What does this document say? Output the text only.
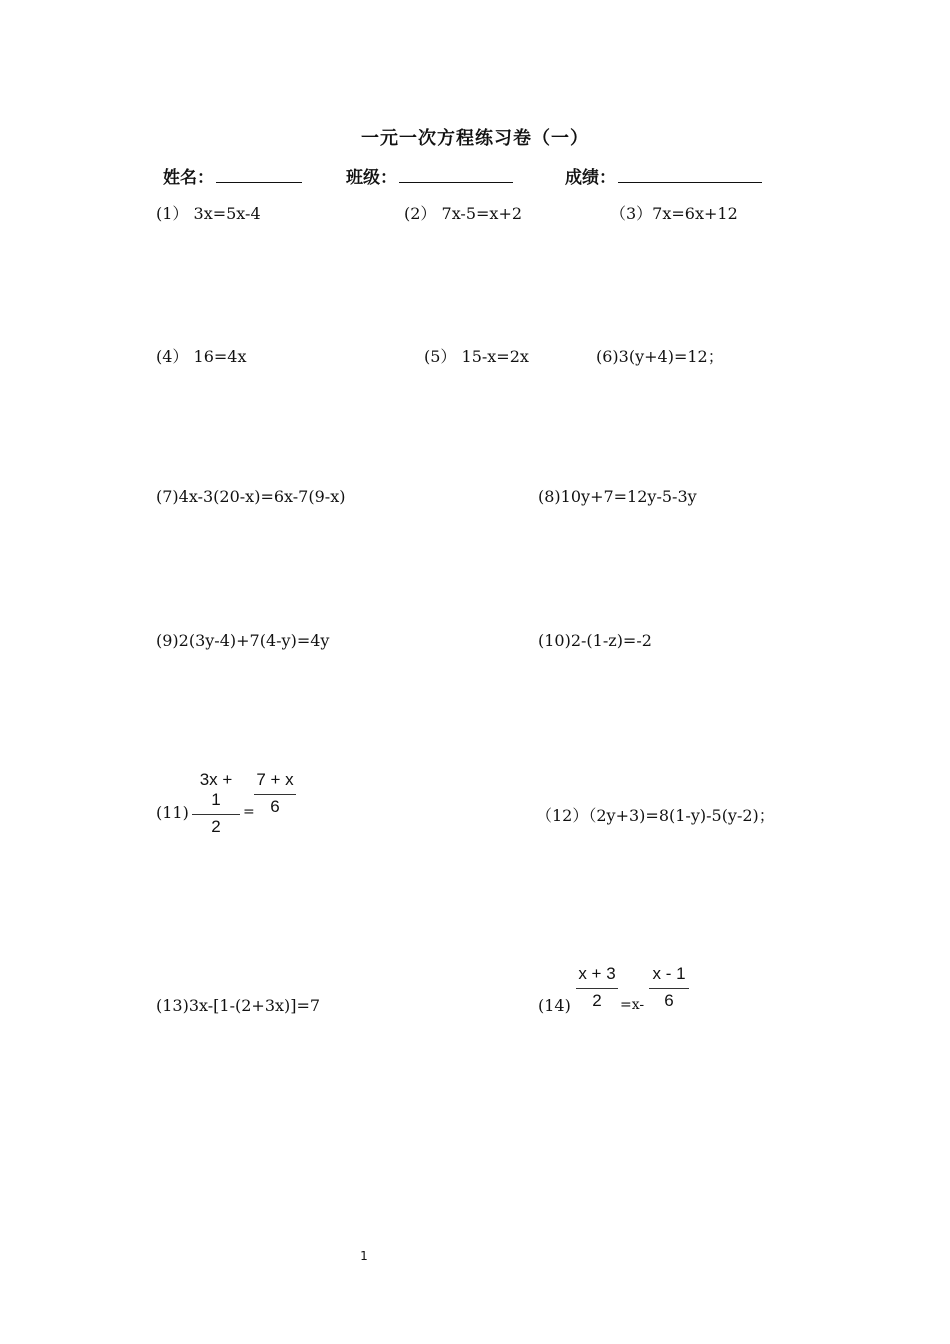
一元一次方程练习卷（一）
姓名：	班级：	成绩：
(1） 3x=5x-4	(2） 7x-5=x+2	（3）7x=6x+12
(4） 16=4x	(5） 15-x=2x	(6)3(y+4)=12；
(7)4x-3(20-x)=6x-7(9-x)	(8)10y+7=12y-5-3y
(9)2(3y-4)+7(4-y)=4y	(10)2-(1-z)=-2
$(11) \frac{3x + 1}{2} = \frac{7 + x}{6}$	（12）（2y+3)=8(1-y)-5(y-2)；
(13)3x-[1-(2+3x)]=7	$(14) \frac{x + 3}{2} =x- \frac{x - 1}{6}$
1
